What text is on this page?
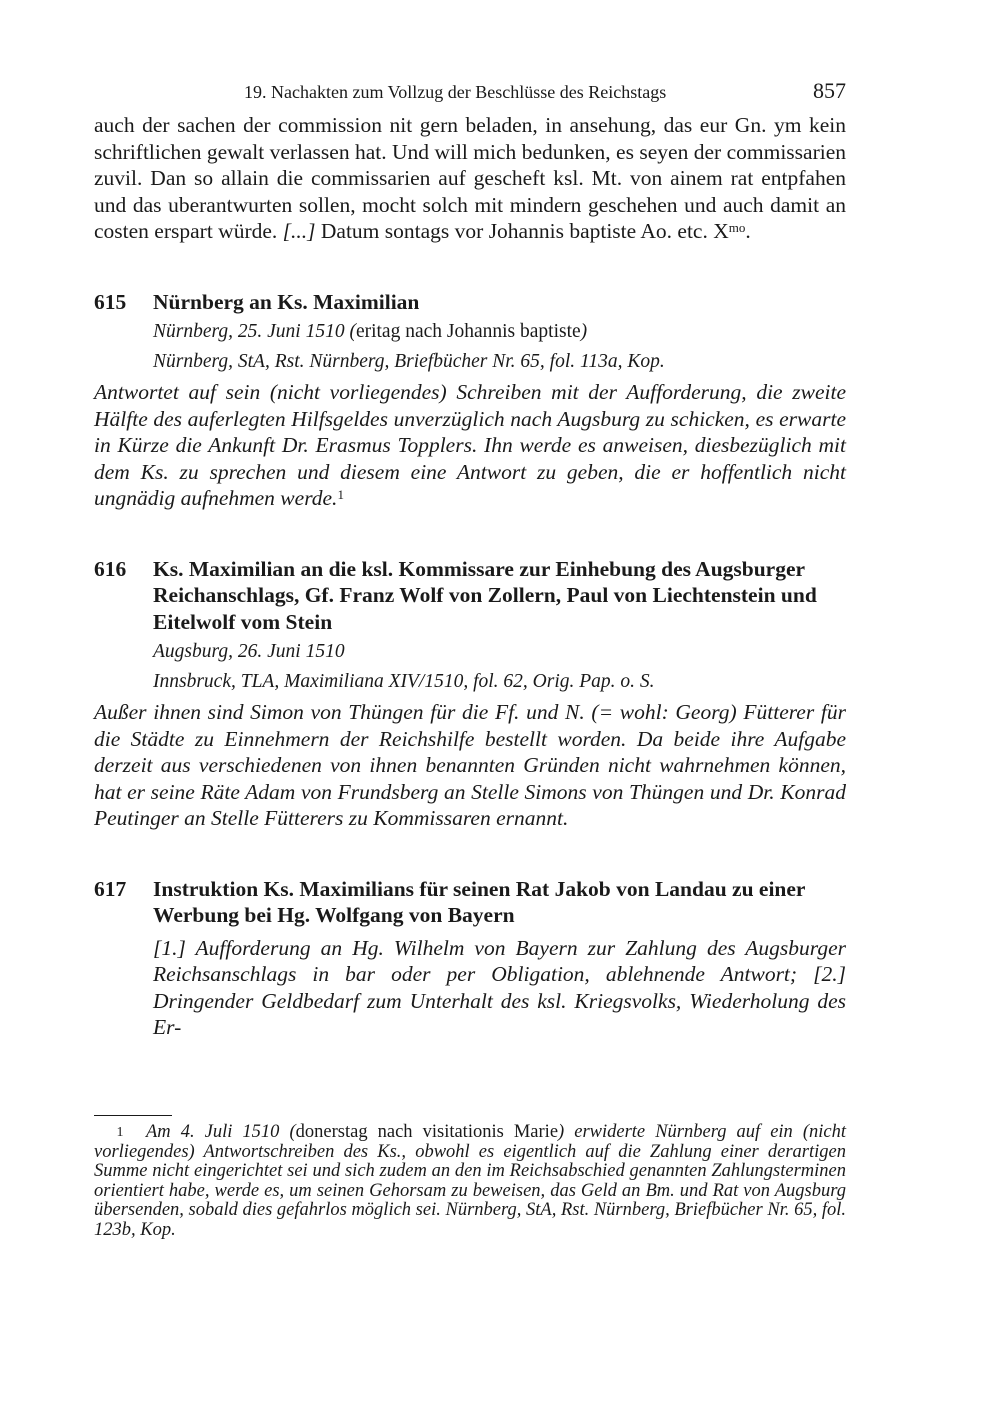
19. Nachakten zum Vollzug der Beschlüsse des Reichstags	857

auch der sachen der commission nit gern beladen, in ansehung, das eur Gn. ym kein schriftlichen gewalt verlassen hat. Und will mich bedunken, es seyen der commissarien zuvil. Dan so allain die commissarien auf gescheft ksl. Mt. von ainem rat entpfahen und das uberantwurten sollen, mocht solch mit mindern geschehen und auch damit an costen erspart würde. [...] Datum sontags vor Johannis baptiste Ao. etc. $X^{mo}$.

615	Nürnberg an Ks. Maximilian
Nürnberg, 25. Juni 1510 (eritag nach Johannis baptiste)
Nürnberg, StA, Rst. Nürnberg, Briefbücher Nr. 65, fol. 113a, Kop.

Antwortet auf sein (nicht vorliegendes) Schreiben mit der Aufforderung, die zweite Hälfte des auferlegten Hilfsgeldes unverzüglich nach Augsburg zu schicken, es erwarte in Kürze die Ankunft Dr. Erasmus Topplers. Ihn werde es anweisen, diesbezüglich mit dem Ks. zu sprechen und diesem eine Antwort zu geben, die er hoffentlich nicht ungnädig aufnehmen werde.$^1$

616	Ks. Maximilian an die ksl. Kommissare zur Einhebung des Augsburger Reichanschlags, Gf. Franz Wolf von Zollern, Paul von Liechtenstein und Eitelwolf vom Stein
Augsburg, 26. Juni 1510
Innsbruck, TLA, Maximiliana XIV/1510, fol. 62, Orig. Pap. o. S.

Außer ihnen sind Simon von Thüngen für die Ff. und N. (= wohl: Georg) Fütterer für die Städte zu Einnehmern der Reichshilfe bestellt worden. Da beide ihre Aufgabe derzeit aus verschiedenen von ihnen benannten Gründen nicht wahrnehmen können, hat er seine Räte Adam von Frundsberg an Stelle Simons von Thüngen und Dr. Konrad Peutinger an Stelle Fütterers zu Kommissaren ernannt.

617	Instruktion Ks. Maximilians für seinen Rat Jakob von Landau zu einer Werbung bei Hg. Wolfgang von Bayern

[1.] Aufforderung an Hg. Wilhelm von Bayern zur Zahlung des Augsburger Reichsanschlags in bar oder per Obligation, ablehnende Antwort; [2.] Dringender Geldbedarf zum Unterhalt des ksl. Kriegsvolks, Wiederholung des Er-

1 Am 4. Juli 1510 (donerstag nach visitationis Marie) erwiderte Nürnberg auf ein (nicht vorliegendes) Antwortschreiben des Ks., obwohl es eigentlich auf die Zahlung einer derartigen Summe nicht eingerichtet sei und sich zudem an den im Reichsabschied genannten Zahlungsterminen orientiert habe, werde es, um seinen Gehorsam zu beweisen, das Geld an Bm. und Rat von Augsburg übersenden, sobald dies gefahrlos möglich sei. Nürnberg, StA, Rst. Nürnberg, Briefbücher Nr. 65, fol. 123b, Kop.
